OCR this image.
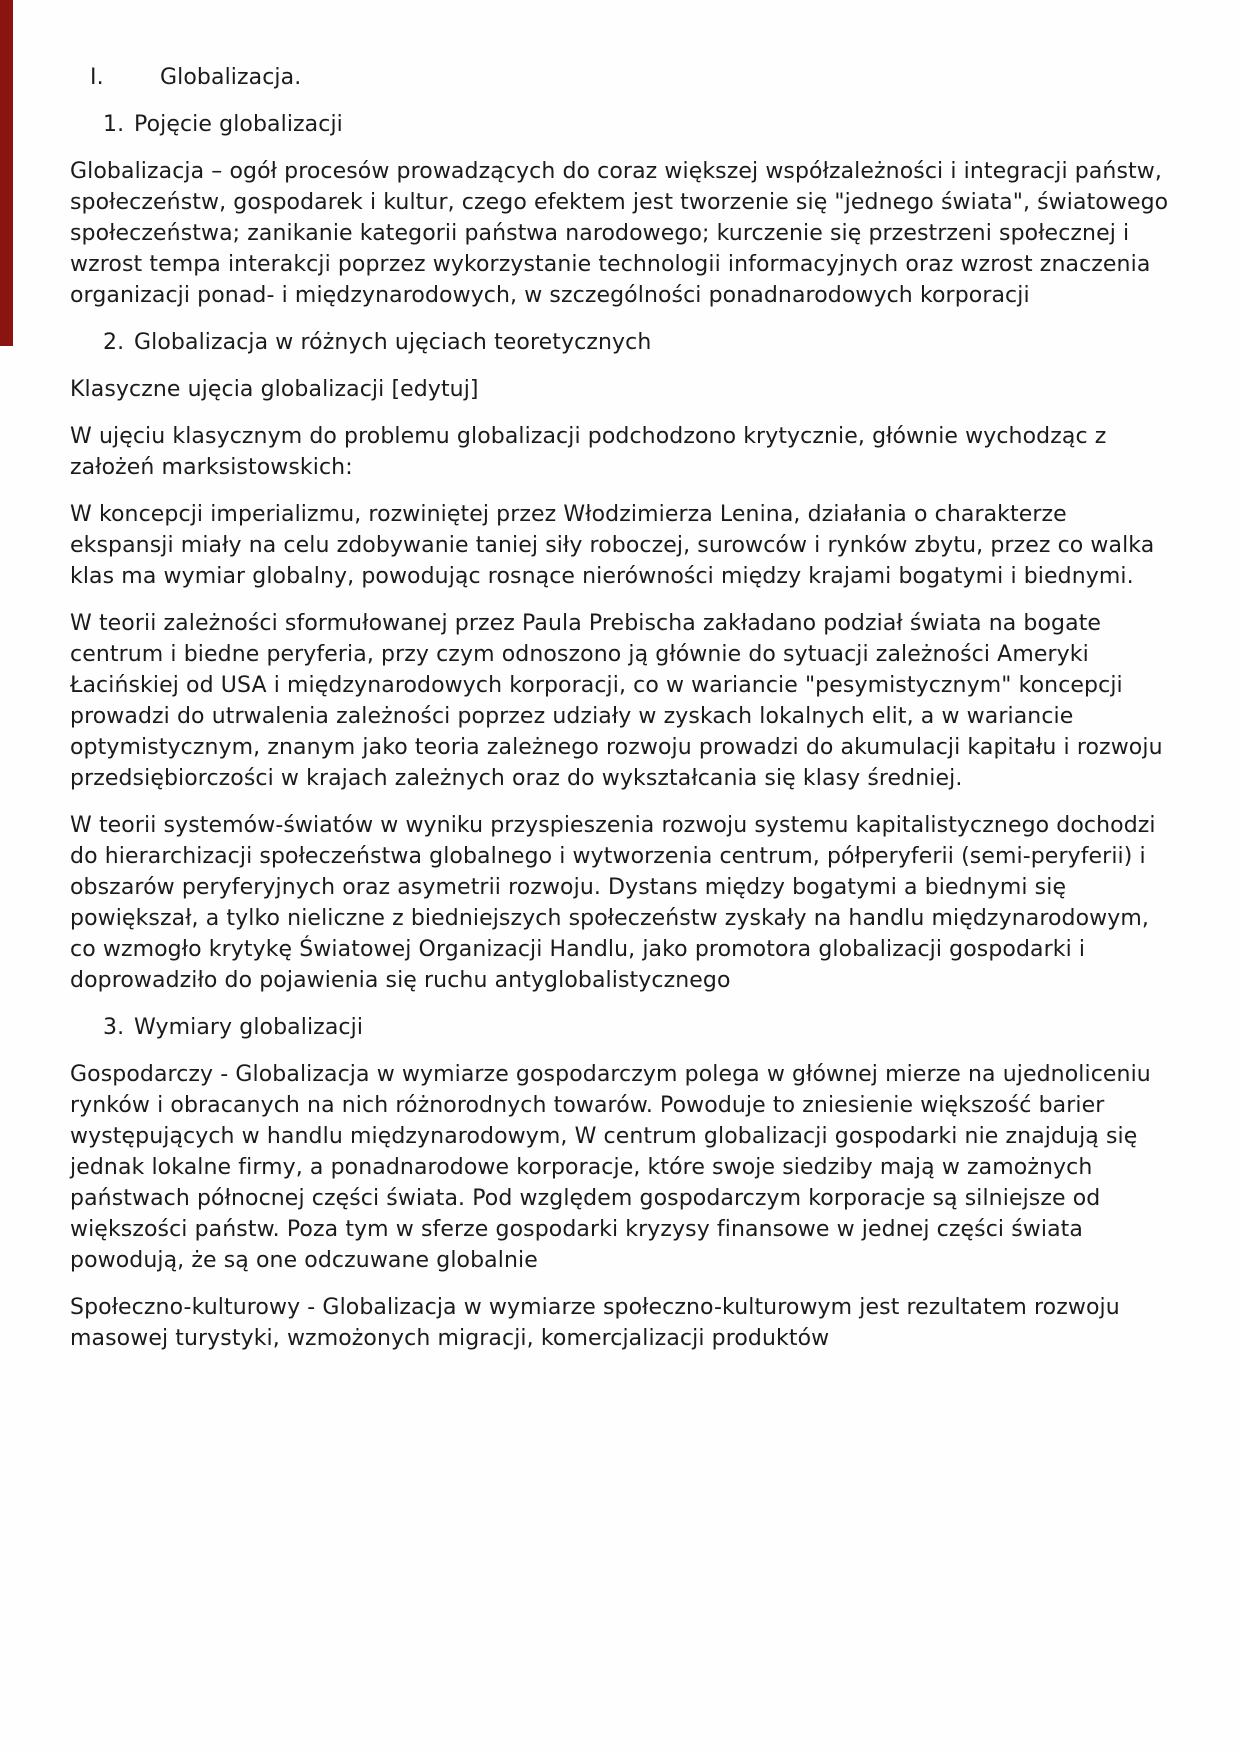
I.	Globalizacja.
1. Pojęcie globalizacji

Globalizacja – ogół procesów prowadzących do coraz większej współzależności i integracji państw, społeczeństw, gospodarek i kultur, czego efektem jest tworzenie się "jednego świata", światowego społeczeństwa; zanikanie kategorii państwa narodowego; kurczenie się przestrzeni społecznej i wzrost tempa interakcji poprzez wykorzystanie technologii informacyjnych oraz wzrost znaczenia organizacji ponad- i międzynarodowych, w szczególności ponadnarodowych korporacji

2. Globalizacja w różnych ujęciach teoretycznych

Klasyczne ujęcia globalizacji [edytuj]

W ujęciu klasycznym do problemu globalizacji podchodzono krytycznie, głównie wychodząc z założeń marksistowskich:

W koncepcji imperializmu, rozwiniętej przez Włodzimierza Lenina, działania o charakterze ekspansji miały na celu zdobywanie taniej siły roboczej, surowców i rynków zbytu, przez co walka klas ma wymiar globalny, powodując rosnące nierówności między krajami bogatymi i biednymi.

W teorii zależności sformułowanej przez Paula Prebischa zakładano podział świata na bogate centrum i biedne peryferia, przy czym odnoszono ją głównie do sytuacji zależności Ameryki Łacińskiej od USA i międzynarodowych korporacji, co w wariancie "pesymistycznym" koncepcji prowadzi do utrwalenia zależności poprzez udziały w zyskach lokalnych elit, a w wariancie optymistycznym, znanym jako teoria zależnego rozwoju prowadzi do akumulacji kapitału i rozwoju przedsiębiorczości w krajach zależnych oraz do wykształcania się klasy średniej.

W teorii systemów-światów w wyniku przyspieszenia rozwoju systemu kapitalistycznego dochodzi do hierarchizacji społeczeństwa globalnego i wytworzenia centrum, półperyferii (semi-peryferii) i obszarów peryferyjnych oraz asymetrii rozwoju. Dystans między bogatymi a biednymi się powiększał, a tylko nieliczne z biedniejszych społeczeństw zyskały na handlu międzynarodowym, co wzmogło krytykę Światowej Organizacji Handlu, jako promotora globalizacji gospodarki i doprowadziło do pojawienia się ruchu antyglobalistycznego

3. Wymiary globalizacji

Gospodarczy - Globalizacja w wymiarze gospodarczym polega w głównej mierze na ujednoliceniu rynków i obracanych na nich różnorodnych towarów. Powoduje to zniesienie większość barier występujących w handlu międzynarodowym, W centrum globalizacji gospodarki nie znajdują się jednak lokalne firmy, a ponadnarodowe korporacje, które swoje siedziby mają w zamożnych państwach północnej części świata. Pod względem gospodarczym korporacje są silniejsze od większości państw. Poza tym w sferze gospodarki kryzysy finansowe w jednej części świata powodują, że są one odczuwane globalnie

Społeczno-kulturowy - Globalizacja w wymiarze społeczno-kulturowym jest rezultatem rozwoju masowej turystyki, wzmożonych migracji, komercjalizacji produktów
